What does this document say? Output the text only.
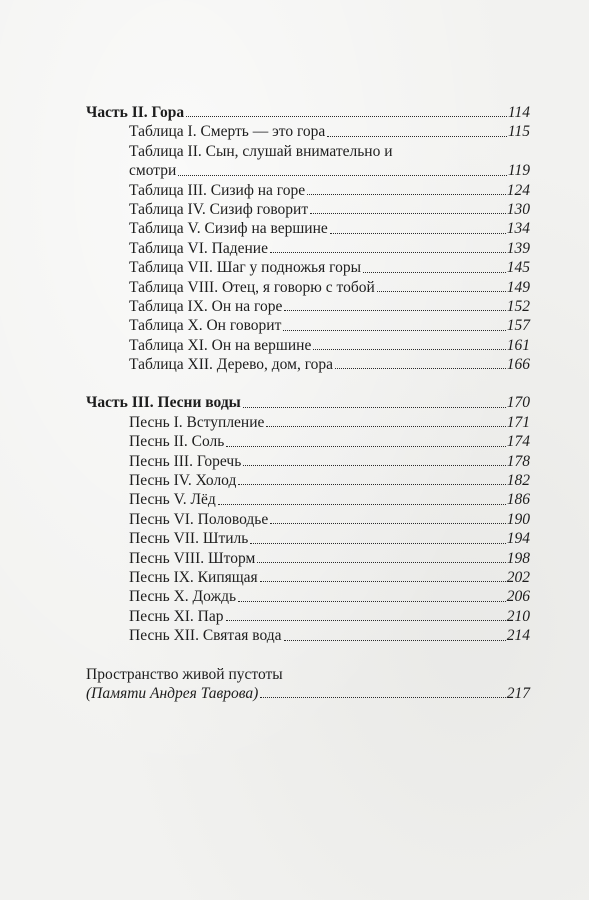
Часть II. Гора	114
Таблица I. Смерть — это гора	115
Таблица II. Сын, слушай внимательно и
смотри	119
Таблица III. Сизиф на горе	124
Таблица IV. Сизиф говорит	130
Таблица V. Сизиф на вершине	134
Таблица VI. Падение	139
Таблица VII. Шаг у подножья горы	145
Таблица VIII. Отец, я говорю с тобой	149
Таблица IX. Он на горе	152
Таблица X. Он говорит	157
Таблица XI. Он на вершине	161
Таблица XII. Дерево, дом, гора	166
Часть III. Песни воды	170
Песнь I. Вступление	171
Песнь II. Соль	174
Песнь III. Горечь	178
Песнь IV. Холод	182
Песнь V. Лёд	186
Песнь VI. Половодье	190
Песнь VII. Штиль	194
Песнь VIII. Шторм	198
Песнь IX. Кипящая	202
Песнь X. Дождь	206
Песнь XI. Пар	210
Песнь XII. Святая вода	214
Пространство живой пустоты
(Памяти Андрея Таврова)	217
